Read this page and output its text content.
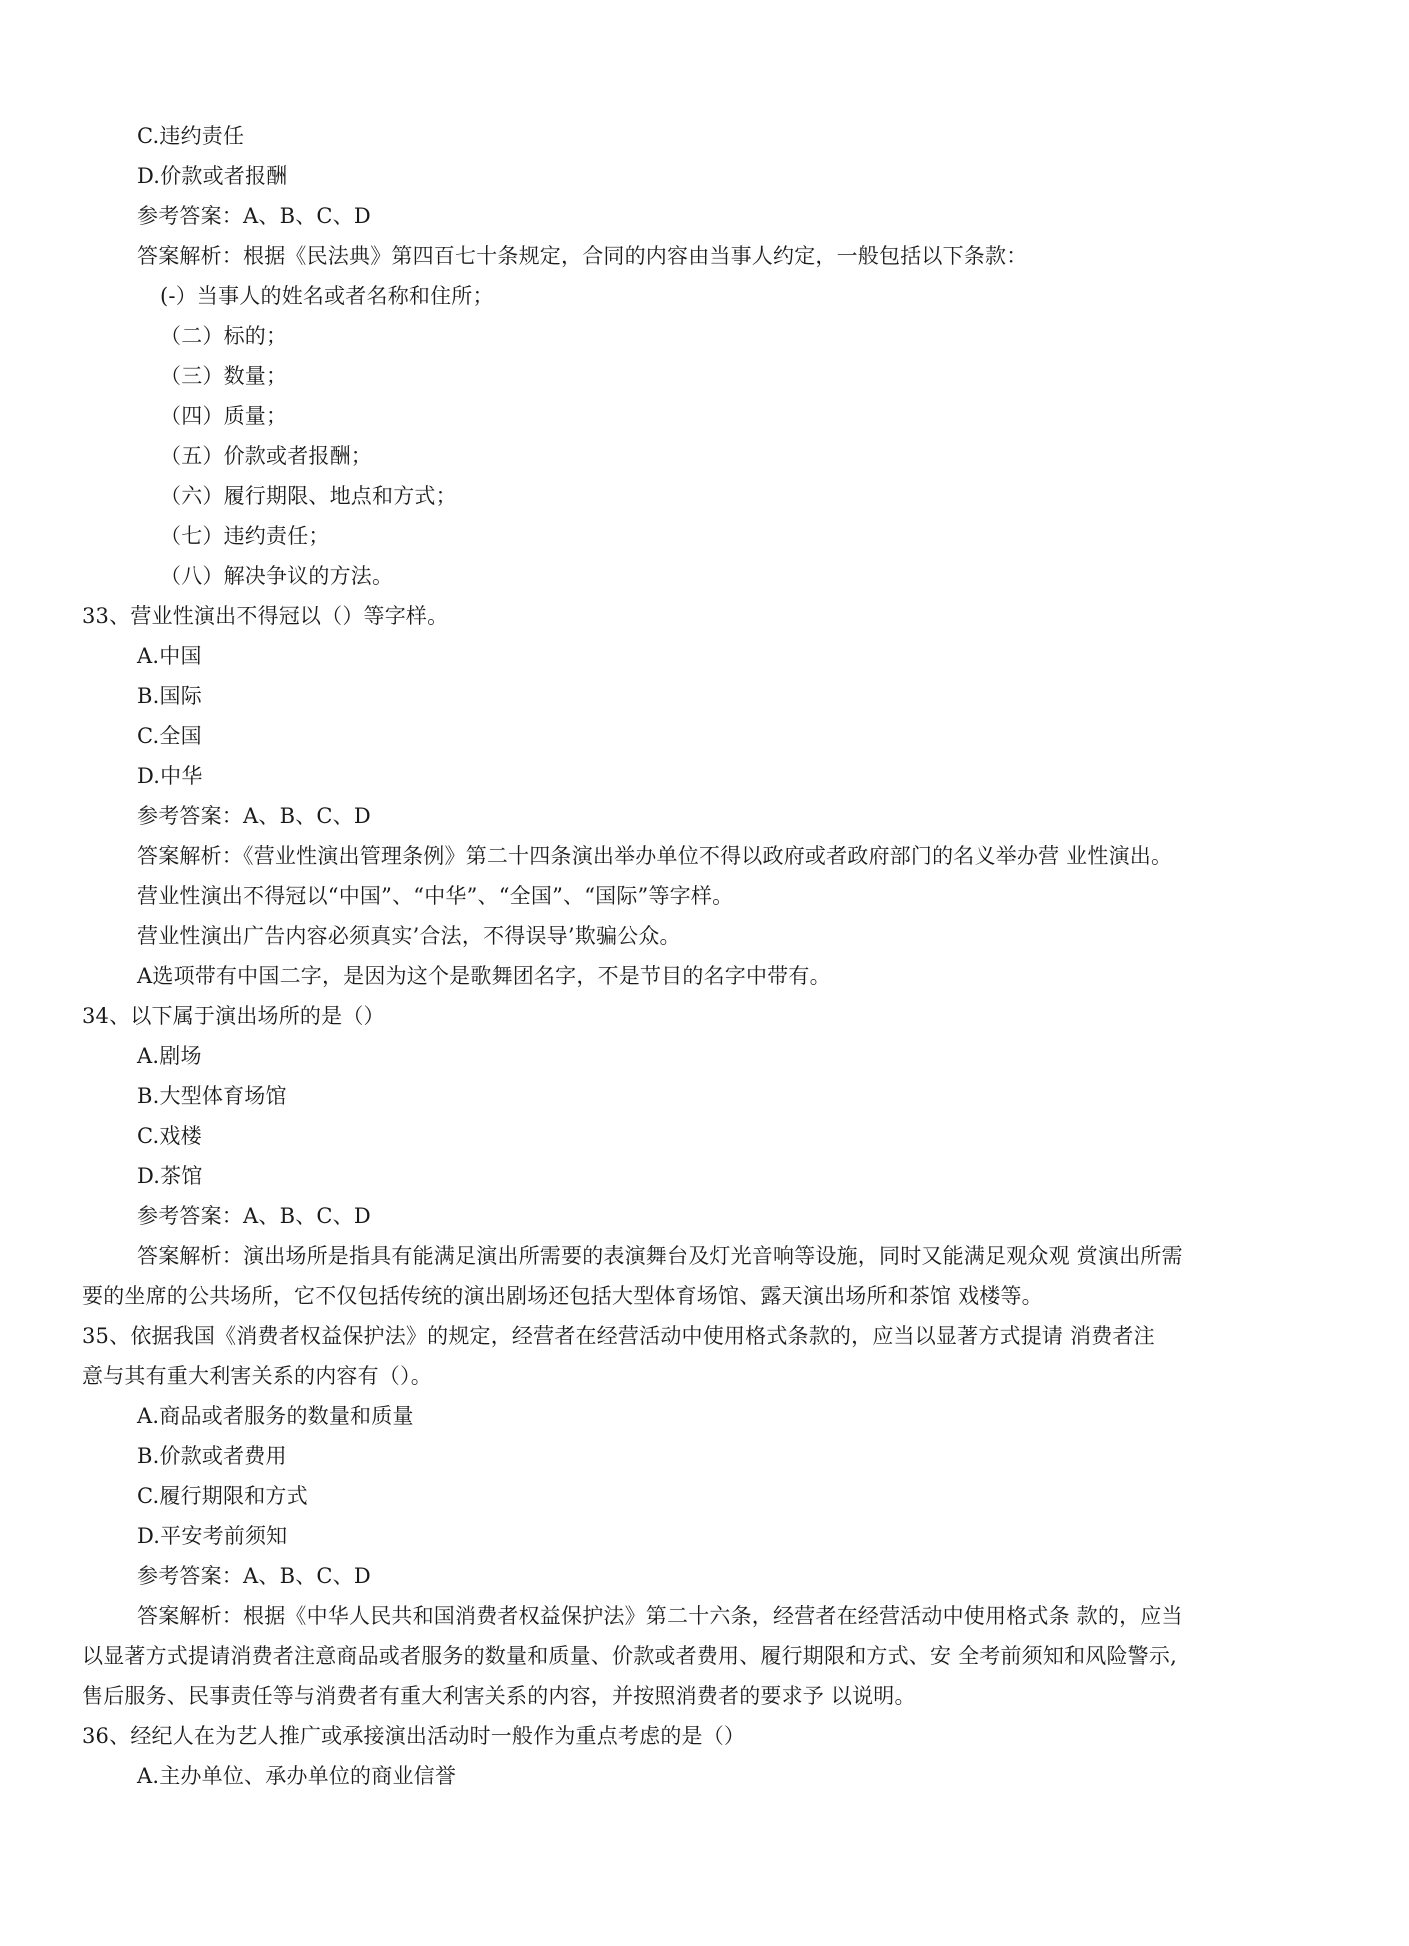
C.违约责任
D.价款或者报酬
参考答案：A、B、C、D
答案解析：根据《民法典》第四百七十条规定，合同的内容由当事人约定，一般包括以下条款：
(-）当事人的姓名或者名称和住所；
（二）标的；
（三）数量；
（四）质量；
（五）价款或者报酬；
（六）履行期限、地点和方式；
（七）违约责任；
（八）解决争议的方法。
33、营业性演出不得冠以（）等字样。
A.中国
B.国际
C.全国
D.中华
参考答案：A、B、C、D
答案解析：《营业性演出管理条例》第二十四条演出举办单位不得以政府或者政府部门的名义举办营 业性演出。
营业性演出不得冠以“中国”、“中华”、“全国”、“国际”等字样。
营业性演出广告内容必须真实’合法，不得误导’欺骗公众。
A选项带有中国二字，是因为这个是歌舞团名字，不是节目的名字中带有。
34、以下属于演出场所的是（）
A.剧场
B.大型体育场馆
C.戏楼
D.茶馆
参考答案：A、B、C、D
答案解析：演出场所是指具有能满足演出所需要的表演舞台及灯光音响等设施，同时又能满足观众观 赏演出所需
要的坐席的公共场所，它不仅包括传统的演出剧场还包括大型体育场馆、露天演出场所和茶馆 戏楼等。
35、依据我国《消费者权益保护法》的规定，经营者在经营活动中使用格式条款的，应当以显著方式提请 消费者注
意与其有重大利害关系的内容有（）。
A.商品或者服务的数量和质量
B.价款或者费用
C.履行期限和方式
D.平安考前须知
参考答案：A、B、C、D
答案解析：根据《中华人民共和国消费者权益保护法》第二十六条，经营者在经营活动中使用格式条 款的，应当
以显著方式提请消费者注意商品或者服务的数量和质量、价款或者费用、履行期限和方式、安 全考前须知和风险警示,
售后服务、民事责任等与消费者有重大利害关系的内容，并按照消费者的要求予 以说明。
36、经纪人在为艺人推广或承接演出活动时一般作为重点考虑的是（）
A.主办单位、承办单位的商业信誉
